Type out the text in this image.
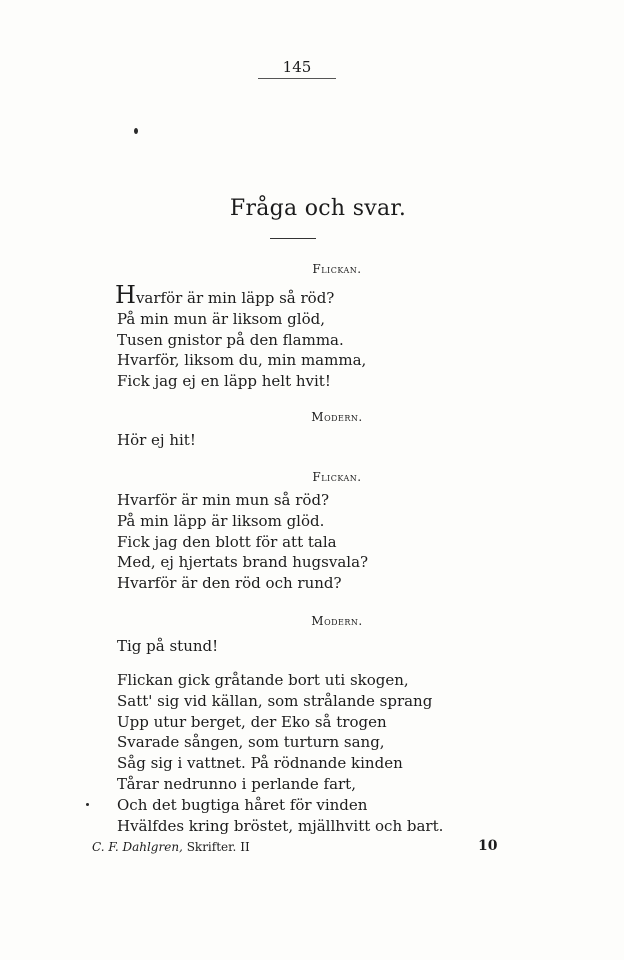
145
Fråga och svar.
Flickan.
Hvarför är min läpp så röd?
På min mun är liksom glöd,
Tusen gnistor på den flamma.
Hvarför, liksom du, min mamma,
Fick jag ej en läpp helt hvit!
Modern.
Hör ej hit!
Flickan.
Hvarför är min mun så röd?
På min läpp är liksom glöd.
Fick jag den blott för att tala
Med, ej hjertats brand hugsvala?
Hvarför är den röd och rund?
Modern.
Tig på stund!
Flickan gick gråtande bort uti skogen,
Satt' sig vid källan, som strålande sprang
Upp utur berget, der Eko så trogen
Svarade sången, som turturn sang,
Såg sig i vattnet. På rödnande kinden
Tårar nedrunno i perlande fart,
Och det bugtiga håret för vinden
Hvälfdes kring bröstet, mjällhvitt och bart.
C. F. Dahlgren, Skrifter. II	10
